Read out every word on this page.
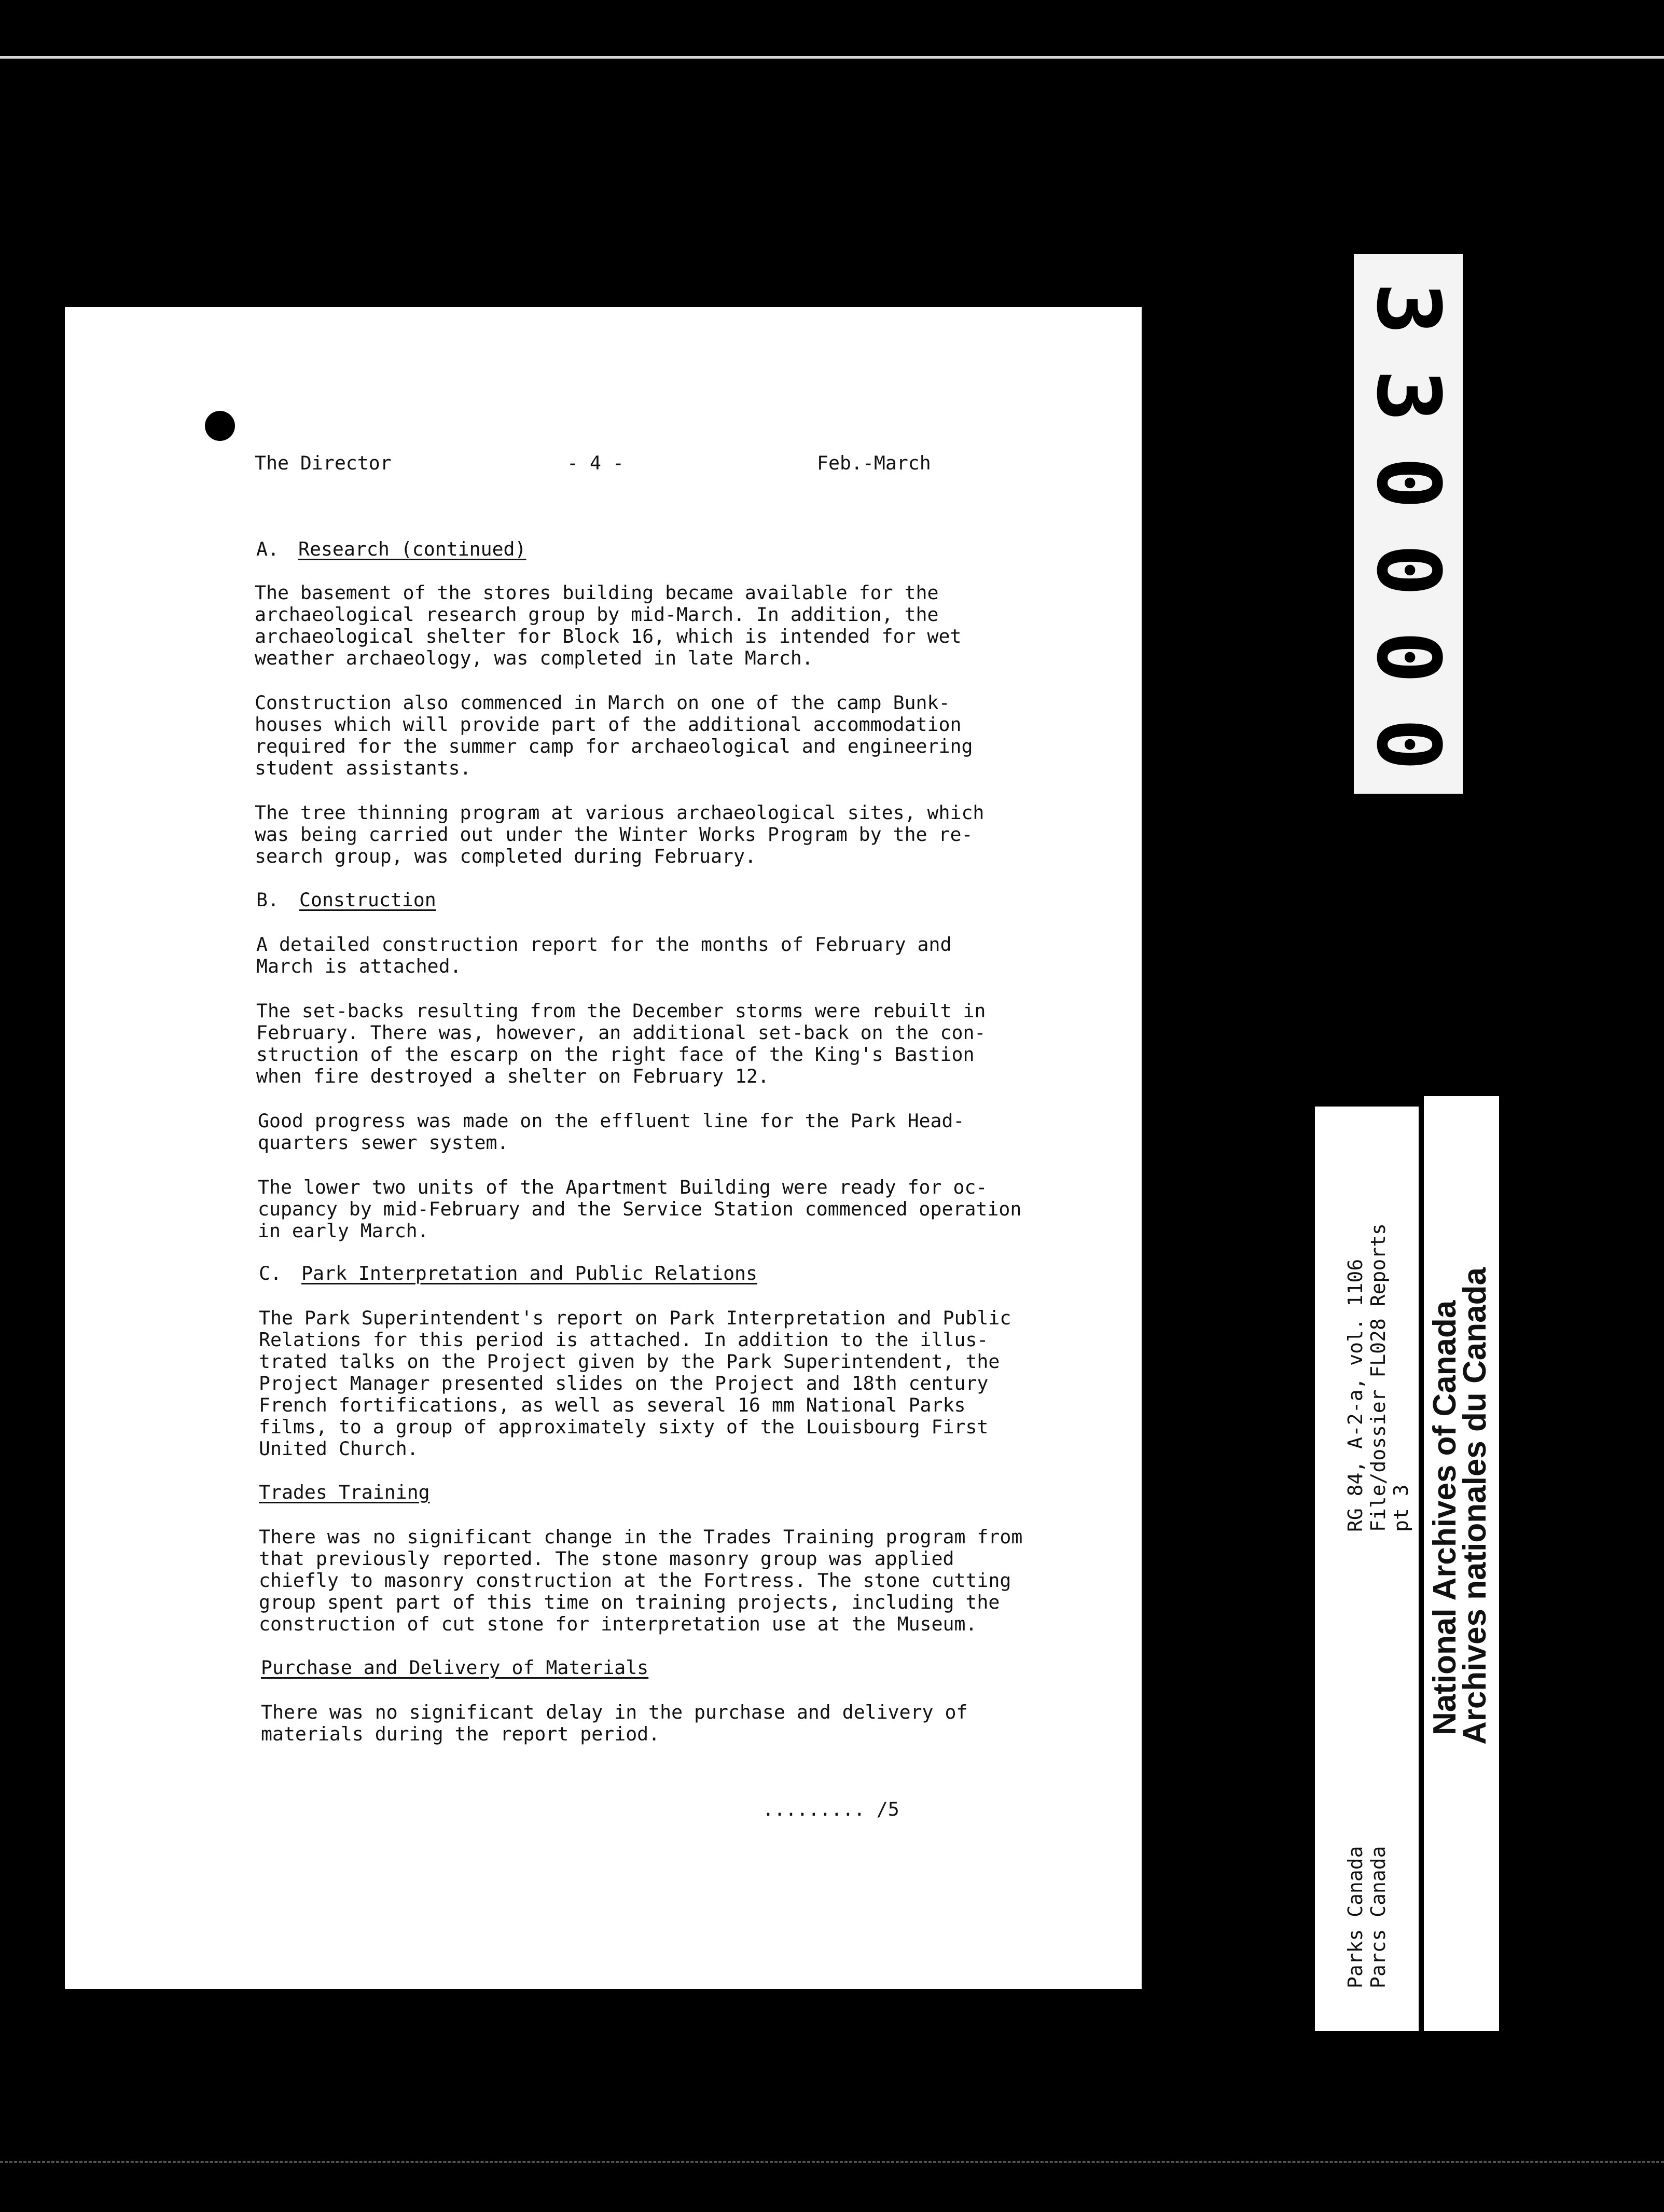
The Director	- 4 -	Feb.-March
A. Research (continued)
The basement of the stores building became available for the
archaeological research group by mid-March. In addition, the
archaeological shelter for Block 16, which is intended for wet
weather archaeology, was completed in late March.
Construction also commenced in March on one of the camp Bunk-
houses which will provide part of the additional accommodation
required for the summer camp for archaeological and engineering
student assistants.
The tree thinning program at various archaeological sites, which
was being carried out under the Winter Works Program by the re-
search group, was completed during February.
B. Construction
A detailed construction report for the months of February and
March is attached.
The set-backs resulting from the December storms were rebuilt in
February. There was, however, an additional set-back on the con-
struction of the escarp on the right face of the King's Bastion
when fire destroyed a shelter on February 12.
Good progress was made on the effluent line for the Park Head-
quarters sewer system.
The lower two units of the Apartment Building were ready for oc-
cupancy by mid-February and the Service Station commenced operation
in early March.
C. Park Interpretation and Public Relations
The Park Superintendent's report on Park Interpretation and Public
Relations for this period is attached. In addition to the illus-
trated talks on the Project given by the Park Superintendent, the
Project Manager presented slides on the Project and 18th century
French fortifications, as well as several 16 mm National Parks
films, to a group of approximately sixty of the Louisbourg First
United Church.
Trades Training
There was no significant change in the Trades Training program from
that previously reported. The stone masonry group was applied
chiefly to masonry construction at the Fortress. The stone cutting
group spent part of this time on training projects, including the
construction of cut stone for interpretation use at the Museum.
Purchase and Delivery of Materials
There was no significant delay in the purchase and delivery of
materials during the report period.
......... /5
3
3
0
0
0
0
RG 84, A-2-a, vol. 1106 File/dossier FL028 Reports pt 3
Parks Canada Parcs Canada
National Archives of Canada
Archives nationales du Canada
